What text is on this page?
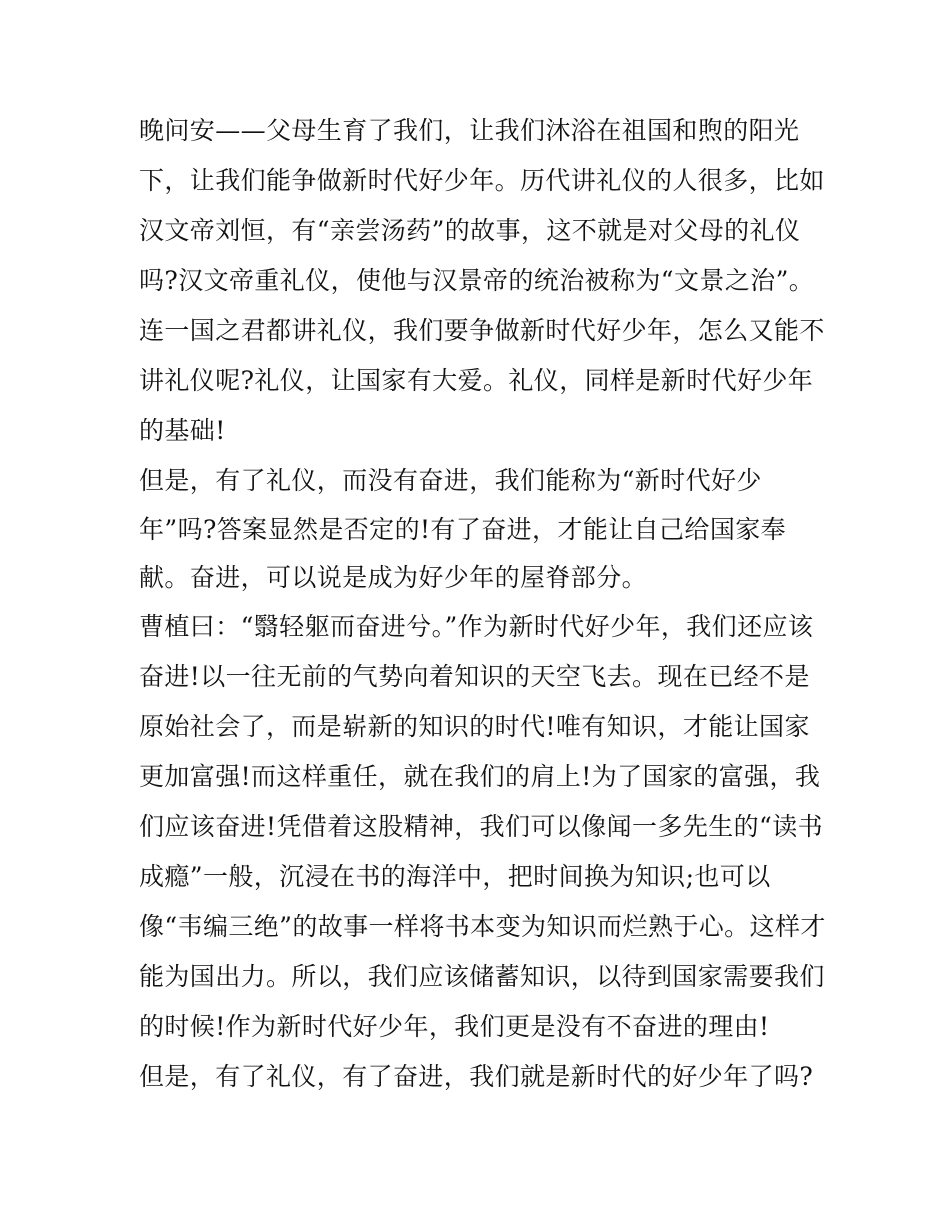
晚问安——父母生育了我们，让我们沐浴在祖国和煦的阳光
下，让我们能争做新时代好少年。历代讲礼仪的人很多，比如
汉文帝刘恒，有“亲尝汤药”的故事，这不就是对父母的礼仪
吗?汉文帝重礼仪，使他与汉景帝的统治被称为“文景之治”。
连一国之君都讲礼仪，我们要争做新时代好少年，怎么又能不
讲礼仪呢?礼仪，让国家有大爱。礼仪，同样是新时代好少年
的基础!
但是，有了礼仪，而没有奋进，我们能称为“新时代好少
年”吗?答案显然是否定的!有了奋进，才能让自己给国家奉
献。奋进，可以说是成为好少年的屋脊部分。
曹植曰：“翳轻躯而奋进兮。”作为新时代好少年，我们还应该
奋进!以一往无前的气势向着知识的天空飞去。现在已经不是
原始社会了，而是崭新的知识的时代!唯有知识，才能让国家
更加富强!而这样重任，就在我们的肩上!为了国家的富强，我
们应该奋进!凭借着这股精神，我们可以像闻一多先生的“读书
成瘾”一般，沉浸在书的海洋中，把时间换为知识;也可以
像“韦编三绝”的故事一样将书本变为知识而烂熟于心。这样才
能为国出力。所以，我们应该储蓄知识，以待到国家需要我们
的时候!作为新时代好少年，我们更是没有不奋进的理由!
但是，有了礼仪，有了奋进，我们就是新时代的好少年了吗?
